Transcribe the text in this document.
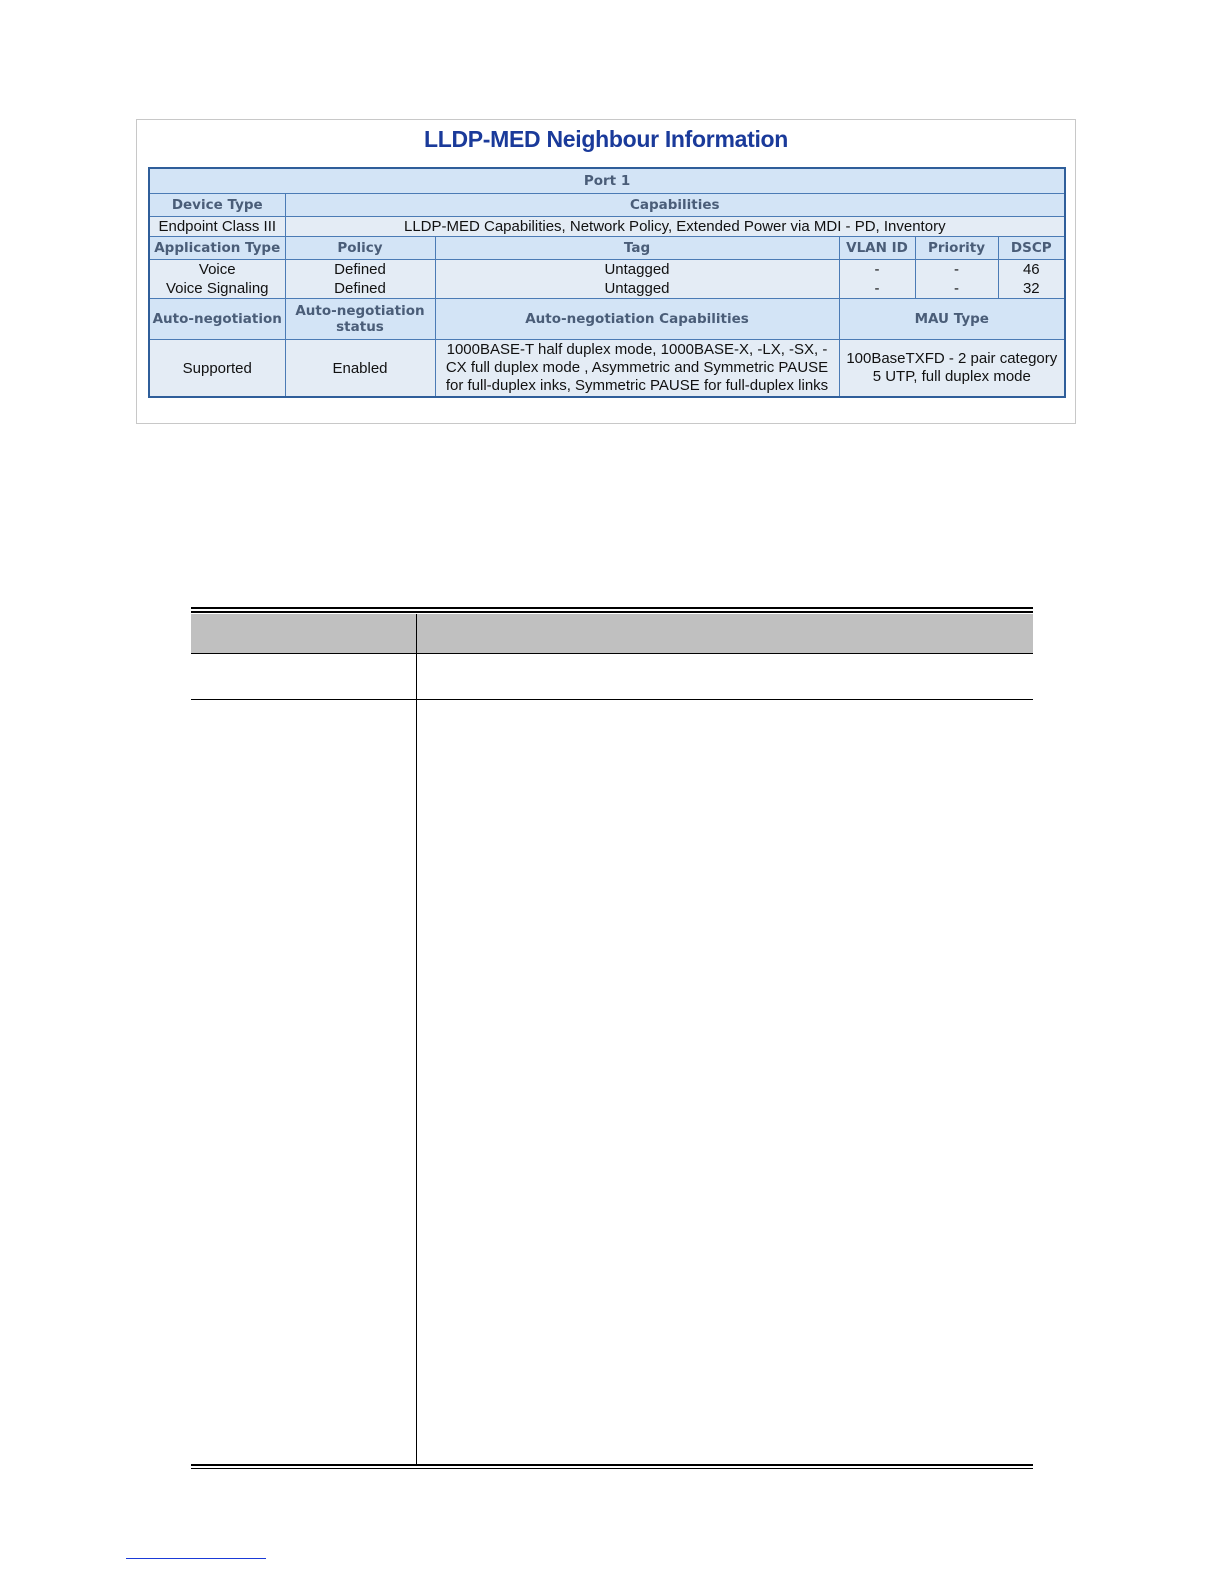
LLDP-MED Neighbour Information
Port 1					
Device Type	Capabilities				
Endpoint Class III	LLDP-MED Capabilities, Network Policy, Extended Power via MDI - PD, Inventory				
Application Type	Policy	Tag	VLAN ID	Priority	DSCP
Voice	Defined	Untagged	-	-	46
Voice Signaling	Defined	Untagged	-	-	32
Auto-negotiation	Auto-negotiation status	Auto-negotiation Capabilities	MAU Type		
Supported	Enabled	1000BASE-T half duplex mode, 1000BASE-X, -LX, -SX, -CX full duplex mode , Asymmetric and Symmetric PAUSE for full-duplex inks, Symmetric PAUSE for full-duplex links	100BaseTXFD - 2 pair category 5 UTP, full duplex mode		
